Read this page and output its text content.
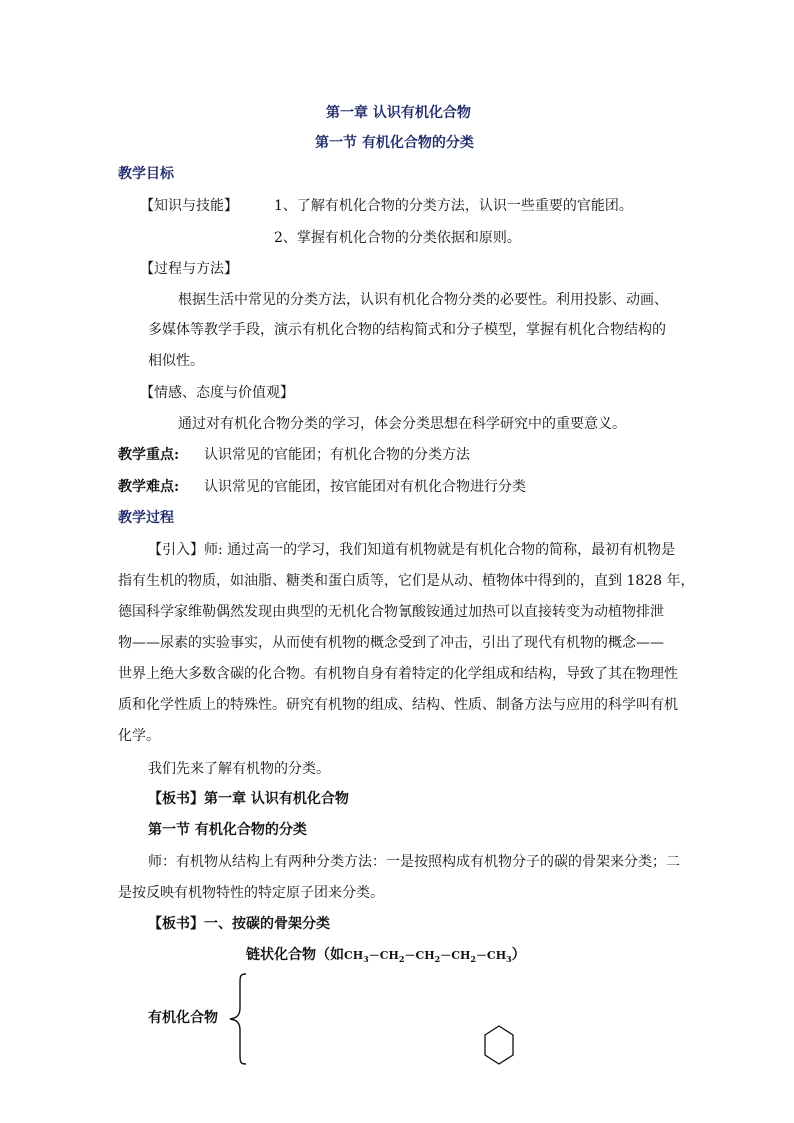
第一章 认识有机化合物
第一节 有机化合物的分类
教学目标
【知识与技能】	1、了解有机化合物的分类方法，认识一些重要的官能团。
2、掌握有机化合物的分类依据和原则。
【过程与方法】
根据生活中常见的分类方法，认识有机化合物分类的必要性。利用投影、动画、
多媒体等教学手段，演示有机化合物的结构简式和分子模型，掌握有机化合物结构的
相似性。
【情感、态度与价值观】
通过对有机化合物分类的学习，体会分类思想在科学研究中的重要意义。
教学重点: 认识常见的官能团；有机化合物的分类方法
教学难点: 认识常见的官能团，按官能团对有机化合物进行分类
教学过程
【引入】师: 通过高一的学习，我们知道有机物就是有机化合物的简称，最初有机物是
指有生机的物质，如油脂、糖类和蛋白质等，它们是从动、植物体中得到的，直到 1828 年，
德国科学家维勒偶然发现由典型的无机化合物氰酸铵通过加热可以直接转变为动植物排泄
物——尿素的实验事实，从而使有机物的概念受到了冲击，引出了现代有机物的概念——
世界上绝大多数含碳的化合物。有机物自身有着特定的化学组成和结构，导致了其在物理性
质和化学性质上的特殊性。研究有机物的组成、结构、性质、制备方法与应用的科学叫有机
化学。
我们先来了解有机物的分类。
【板书】第一章 认识有机化合物
第一节 有机化合物的分类
师：有机物从结构上有两种分类方法：一是按照构成有机物分子的碳的骨架来分类；二
是按反映有机物特性的特定原子团来分类。
【板书】一、按碳的骨架分类
链状化合物（如$CH_3-CH_2-CH_2-CH_2-CH_3$）
有机化合物
